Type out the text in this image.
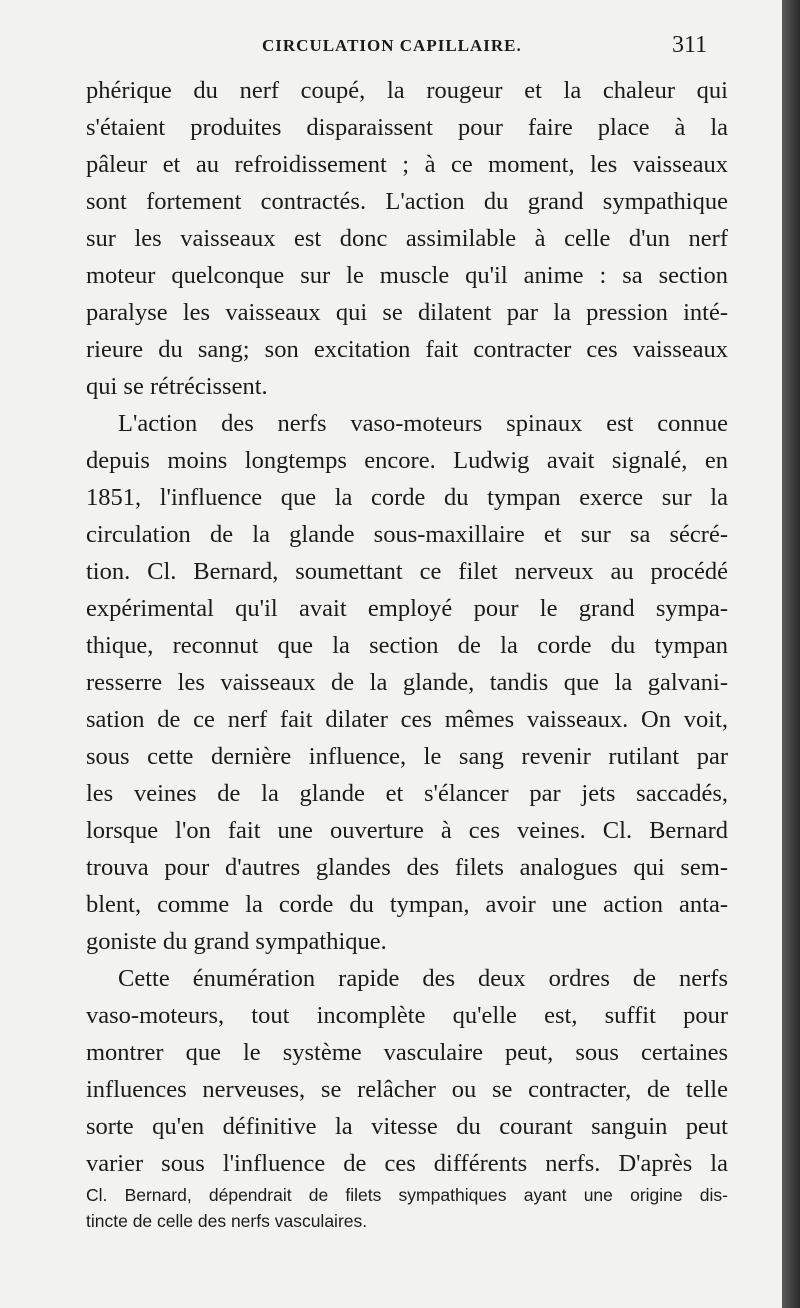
CIRCULATION CAPILLAIRE.	311
phérique du nerf coupé, la rougeur et la chaleur qui
s'étaient produites disparaissent pour faire place à la
pâleur et au refroidissement ; à ce moment, les vaisseaux
sont fortement contractés. L'action du grand sympathique
sur les vaisseaux est donc assimilable à celle d'un nerf
moteur quelconque sur le muscle qu'il anime : sa section
paralyse les vaisseaux qui se dilatent par la pression inté-
rieure du sang; son excitation fait contracter ces vaisseaux
qui se rétrécissent.
L'action des nerfs vaso-moteurs spinaux est connue
depuis moins longtemps encore. Ludwig avait signalé, en
1851, l'influence que la corde du tympan exerce sur la
circulation de la glande sous-maxillaire et sur sa sécré-
tion. Cl. Bernard, soumettant ce filet nerveux au procédé
expérimental qu'il avait employé pour le grand sympa-
thique, reconnut que la section de la corde du tympan
resserre les vaisseaux de la glande, tandis que la galvani-
sation de ce nerf fait dilater ces mêmes vaisseaux. On voit,
sous cette dernière influence, le sang revenir rutilant par
les veines de la glande et s'élancer par jets saccadés,
lorsque l'on fait une ouverture à ces veines. Cl. Bernard
trouva pour d'autres glandes des filets analogues qui sem-
blent, comme la corde du tympan, avoir une action anta-
goniste du grand sympathique.
Cette énumération rapide des deux ordres de nerfs
vaso-moteurs, tout incomplète qu'elle est, suffit pour
montrer que le système vasculaire peut, sous certaines
influences nerveuses, se relâcher ou se contracter, de telle
sorte qu'en définitive la vitesse du courant sanguin peut
varier sous l'influence de ces différents nerfs. D'après la
Cl. Bernard, dépendrait de filets sympathiques ayant une origine dis-
tincte de celle des nerfs vasculaires.
